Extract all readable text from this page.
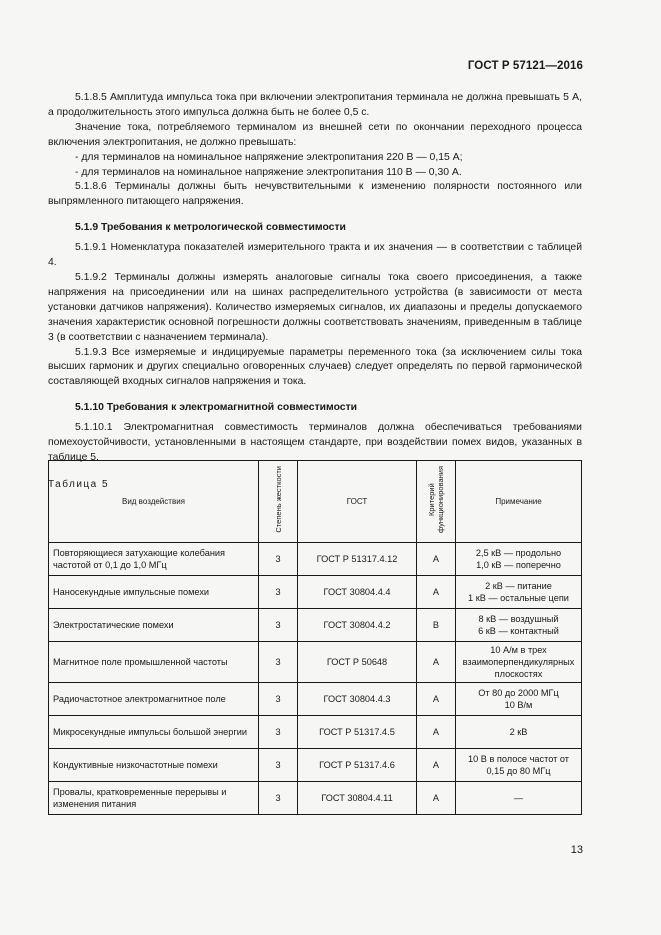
ГОСТ Р 57121—2016

5.1.8.5 Амплитуда импульса тока при включении электропитания терминала не должна превышать 5 А, а продолжительность этого импульса должна быть не более 0,5 с.

Значение тока, потребляемого терминалом из внешней сети по окончании переходного процесса включения электропитания, не должно превышать:

- для терминалов на номинальное напряжение электропитания 220 В — 0,15 А;

- для терминалов на номинальное напряжение электропитания 110 В — 0,30 А.

5.1.8.6 Терминалы должны быть нечувствительными к изменению полярности постоянного или выпрямленного питающего напряжения.

5.1.9 Требования к метрологической совместимости

5.1.9.1 Номенклатура показателей измерительного тракта и их значения — в соответствии с таблицей 4.

5.1.9.2 Терминалы должны измерять аналоговые сигналы тока своего присоединения, а также напряжения на присоединении или на шинах распределительного устройства (в зависимости от места установки датчиков напряжения). Количество измеряемых сигналов, их диапазоны и пределы допускаемого значения характеристик основной погрешности должны соответствовать значениям, приведенным в таблице 3 (в соответствии с назначением терминала).

5.1.9.3 Все измеряемые и индицируемые параметры переменного тока (за исключением силы тока высших гармоник и других специально оговоренных случаев) следует определять по первой гармонической составляющей входных сигналов напряжения и тока.

5.1.10 Требования к электромагнитной совместимости

5.1.10.1 Электромагнитная совместимость терминалов должна обеспечиваться требованиями помехоустойчивости, установленными в настоящем стандарте, при воздействии помех видов, указанных в таблице 5.

Таблица 5

Вид воздействия	Степень жесткости	ГОСТ	Критерий функционирования	Примечание
Повторяющиеся затухающие колебания частотой от 0,1 до 1,0 МГц	3	ГОСТ Р 51317.4.12	А	2,5 кВ — продольно
1,0 кВ — поперечно
Наносекундные импульсные помехи	3	ГОСТ 30804.4.4	А	2 кВ — питание
1 кВ — остальные цепи
Электростатические помехи	3	ГОСТ 30804.4.2	В	8 кВ — воздушный
6 кВ — контактный
Магнитное поле промышленной частоты	3	ГОСТ Р 50648	А	10 А/м в трех взаимоперпендикулярных плоскостях
Радиочастотное электромагнитное поле	3	ГОСТ 30804.4.3	А	От 80 до 2000 МГц
10 В/м
Микросекундные импульсы большой энергии	3	ГОСТ Р 51317.4.5	А	2 кВ
Кондуктивные низкочастотные помехи	3	ГОСТ Р 51317.4.6	А	10 В в полосе частот от 0,15 до 80 МГц
Провалы, кратковременные перерывы и изменения питания	3	ГОСТ 30804.4.11	А	—
13
